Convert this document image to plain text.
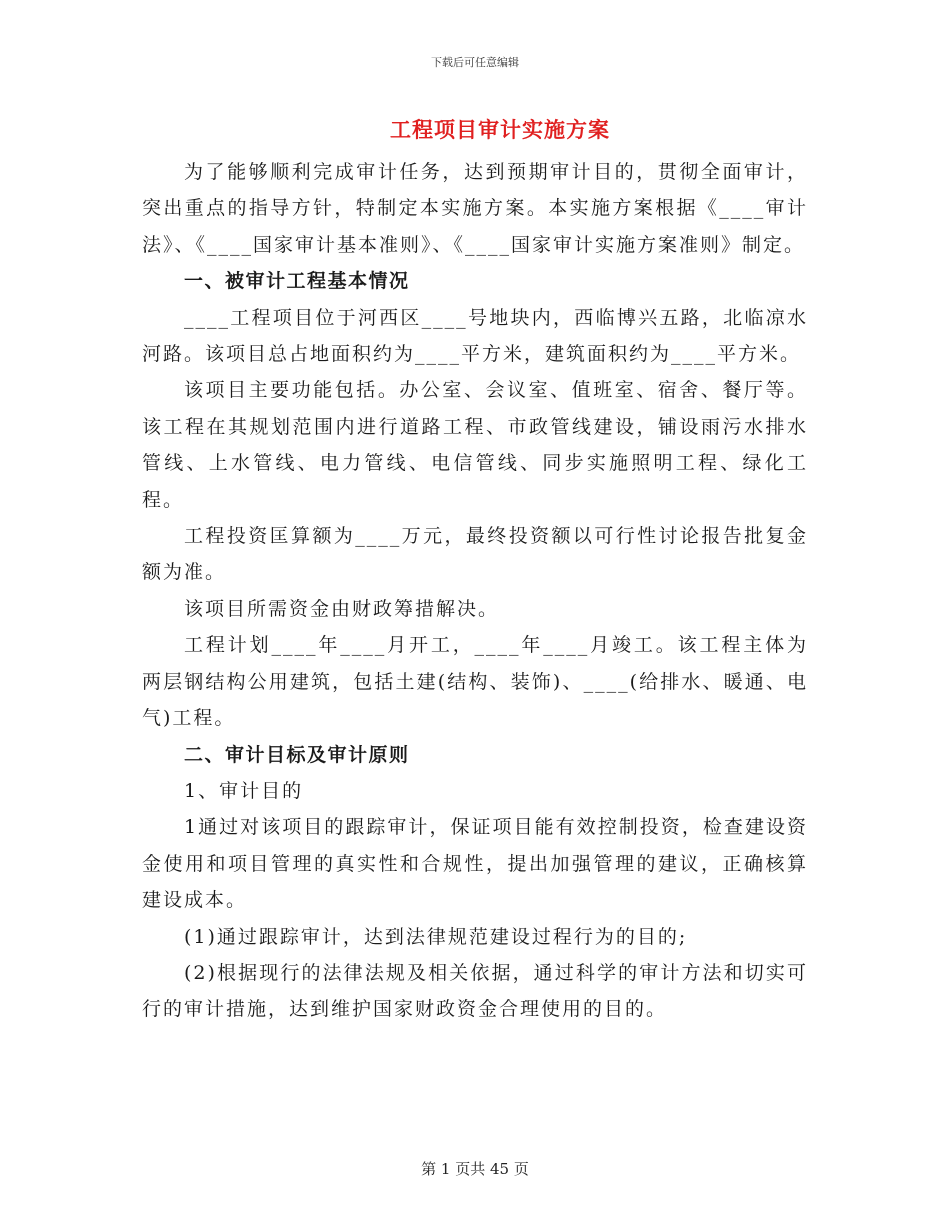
下载后可任意编辑
工程项目审计实施方案

为了能够顺利完成审计任务，达到预期审计目的，贯彻全面审计，突出重点的指导方针，特制定本实施方案。本实施方案根据《____审计法》、《____国家审计基本准则》、《____国家审计实施方案准则》制定。

一、被审计工程基本情况

____工程项目位于河西区____号地块内，西临博兴五路，北临凉水河路。该项目总占地面积约为____平方米，建筑面积约为____平方米。

该项目主要功能包括。办公室、会议室、值班室、宿舍、餐厅等。该工程在其规划范围内进行道路工程、市政管线建设，铺设雨污水排水管线、上水管线、电力管线、电信管线、同步实施照明工程、绿化工程。

工程投资匡算额为____万元，最终投资额以可行性讨论报告批复金额为准。

该项目所需资金由财政筹措解决。

工程计划____年____月开工，____年____月竣工。该工程主体为两层钢结构公用建筑，包括土建(结构、装饰)、____(给排水、暖通、电气)工程。

二、审计目标及审计原则

1、审计目的

1通过对该项目的跟踪审计，保证项目能有效控制投资，检查建设资金使用和项目管理的真实性和合规性，提出加强管理的建议，正确核算建设成本。

(1)通过跟踪审计，达到法律规范建设过程行为的目的;

(2)根据现行的法律法规及相关依据，通过科学的审计方法和切实可行的审计措施，达到维护国家财政资金合理使用的目的。

第 1 页共 45 页
